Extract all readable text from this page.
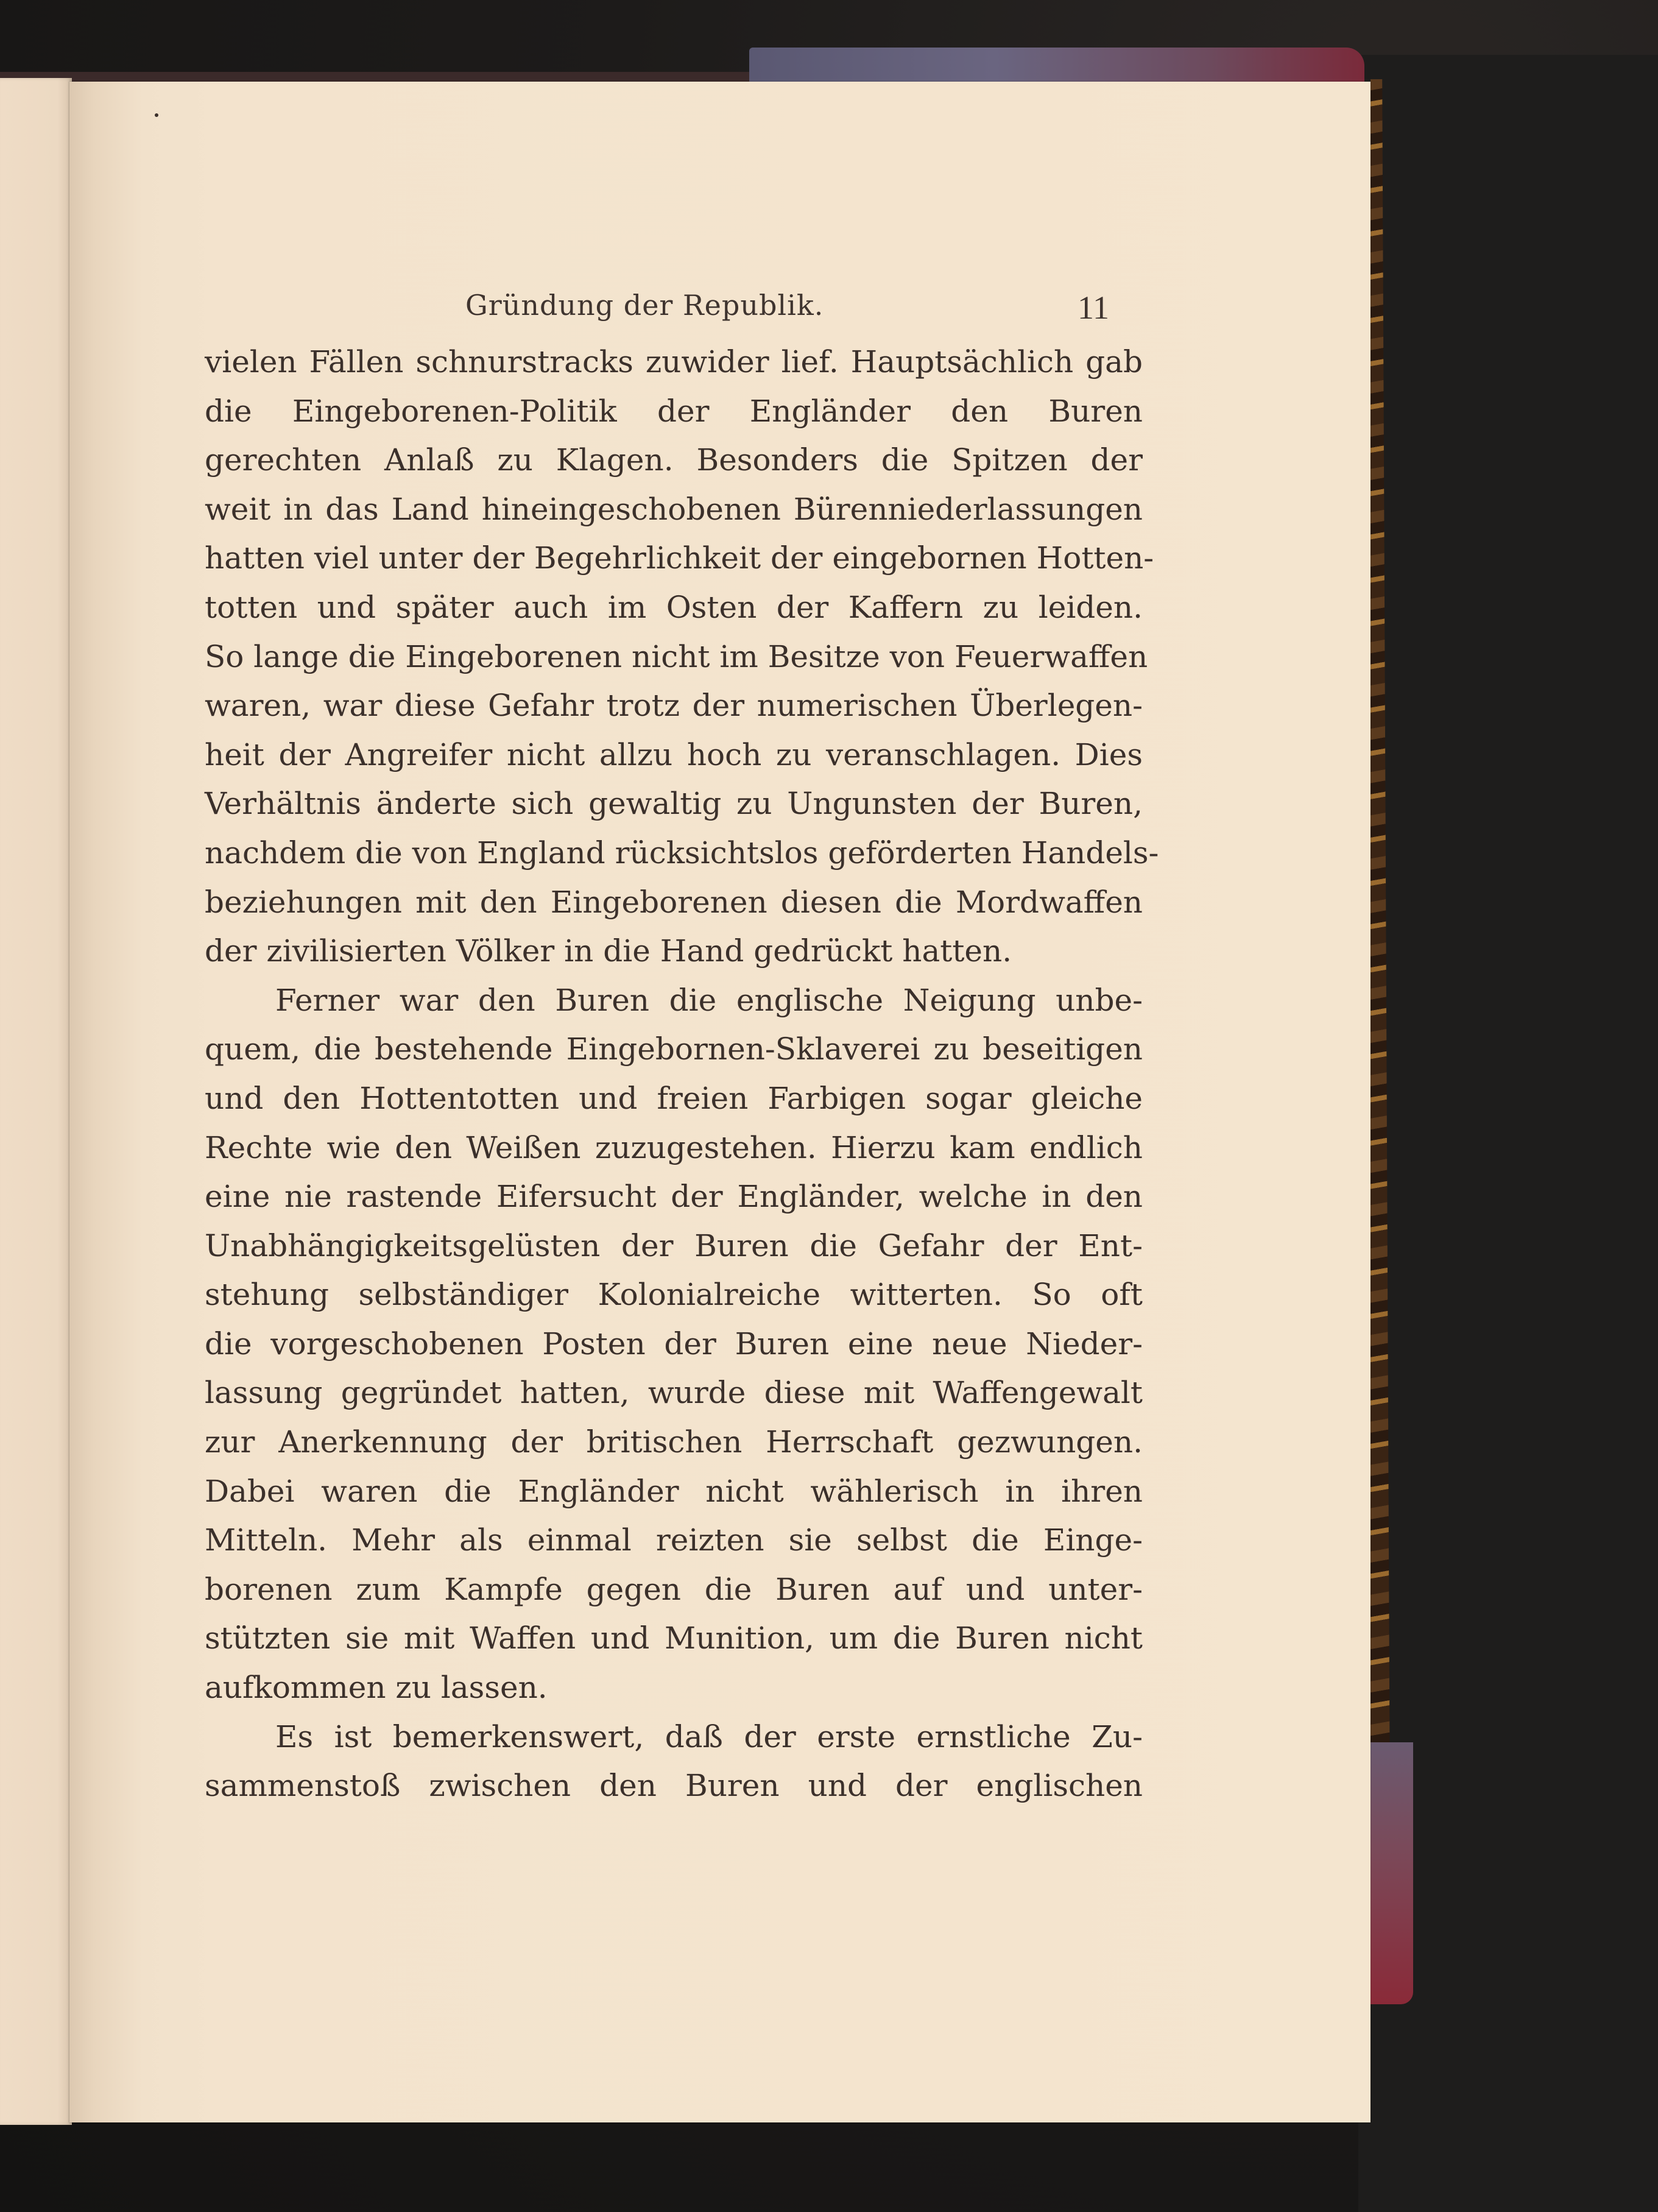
Gründung der Republik.	11
vielen Fällen schnurstracks zuwider lief. Hauptsächlich gab
die Eingeborenen-Politik der Engländer den Buren
gerechten Anlaß zu Klagen. Besonders die Spitzen der
weit in das Land hineingeschobenen Bürenniederlassungen
hatten viel unter der Begehrlichkeit der eingebornen Hotten-
totten und später auch im Osten der Kaffern zu leiden.
So lange die Eingeborenen nicht im Besitze von Feuerwaffen
waren, war diese Gefahr trotz der numerischen Überlegen-
heit der Angreifer nicht allzu hoch zu veranschlagen. Dies
Verhältnis änderte sich gewaltig zu Ungunsten der Buren,
nachdem die von England rücksichtslos geförderten Handels-
beziehungen mit den Eingeborenen diesen die Mordwaffen
der zivilisierten Völker in die Hand gedrückt hatten.
Ferner war den Buren die englische Neigung unbe-
quem, die bestehende Eingebornen-Sklaverei zu beseitigen
und den Hottentotten und freien Farbigen sogar gleiche
Rechte wie den Weißen zuzugestehen. Hierzu kam endlich
eine nie rastende Eifersucht der Engländer, welche in den
Unabhängigkeitsgelüsten der Buren die Gefahr der Ent-
stehung selbständiger Kolonialreiche witterten. So oft
die vorgeschobenen Posten der Buren eine neue Nieder-
lassung gegründet hatten, wurde diese mit Waffengewalt
zur Anerkennung der britischen Herrschaft gezwungen.
Dabei waren die Engländer nicht wählerisch in ihren
Mitteln. Mehr als einmal reizten sie selbst die Einge-
borenen zum Kampfe gegen die Buren auf und unter-
stützten sie mit Waffen und Munition, um die Buren nicht
aufkommen zu lassen.
Es ist bemerkenswert, daß der erste ernstliche Zu-
sammenstoß zwischen den Buren und der englischen
